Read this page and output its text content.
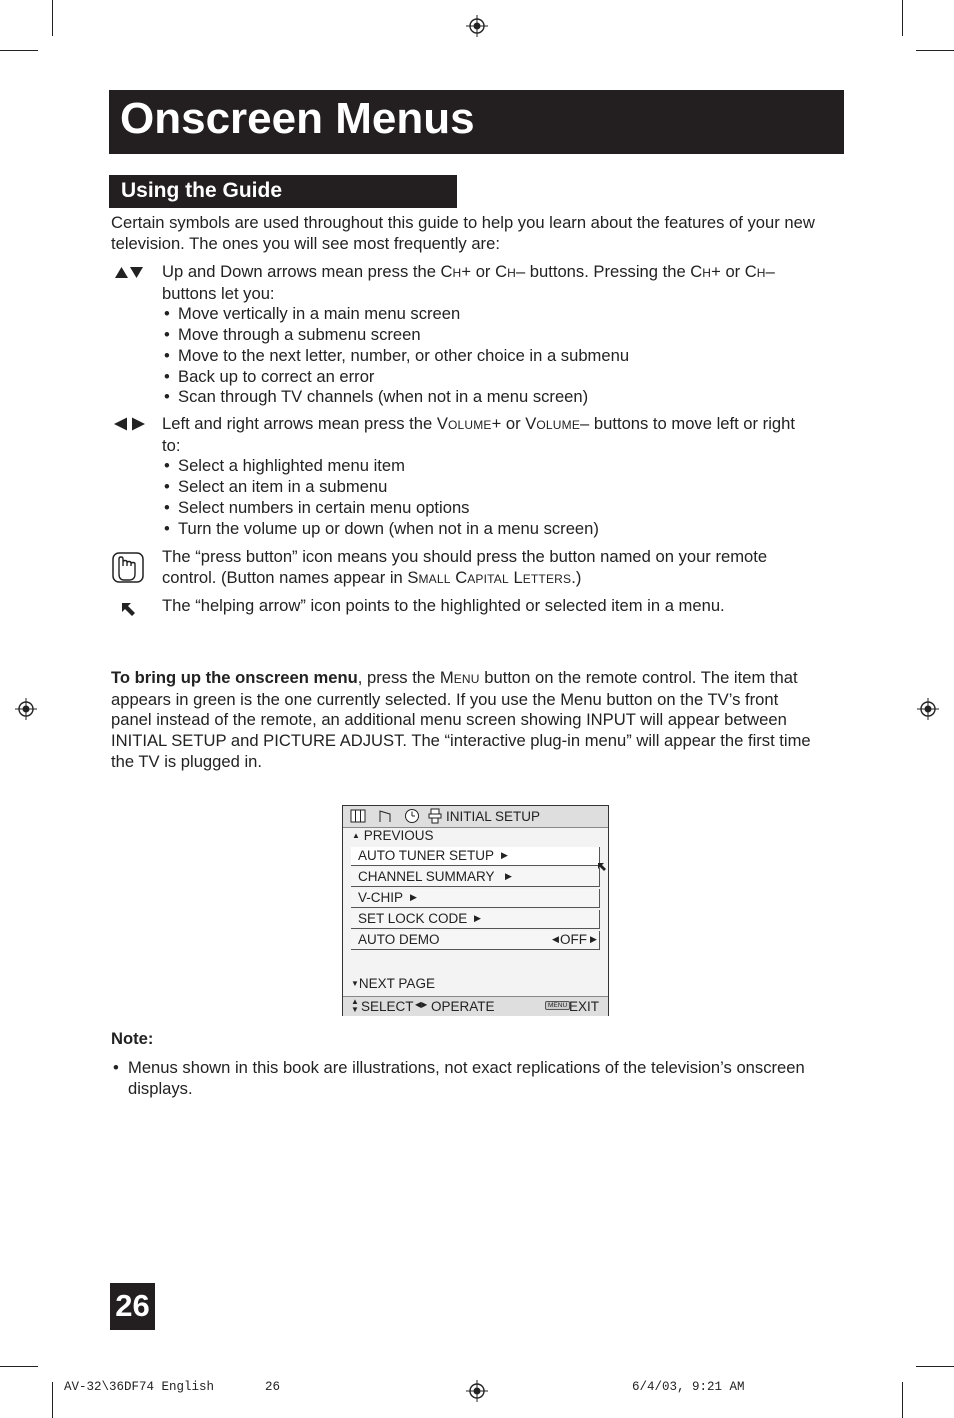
Onscreen Menus
Using the Guide
Certain symbols are used throughout this guide to help you learn about the features of your new television. The ones you will see most frequently are:
Up and Down arrows mean press the CH+ or CH– buttons. Pressing the CH+ or CH–
buttons let you:
• Move vertically in a main menu screen
• Move through a submenu screen
• Move to the next letter, number, or other choice in a submenu
• Back up to correct an error
• Scan through TV channels (when not in a menu screen)
Left and right arrows mean press the VOLUME+ or VOLUME– buttons to move left or right
to:
• Select a highlighted menu item
• Select an item in a submenu
• Select numbers in certain menu options
• Turn the volume up or down (when not in a menu screen)
The “press button” icon means you should press the button named on your remote
control. (Button names appear in SMALL CAPITAL LETTERS.)
The “helping arrow” icon points to the highlighted or selected item in a menu.
To bring up the onscreen menu, press the MENU button on the remote control. The item that
appears in green is the one currently selected. If you use the Menu button on the TV’s front
panel instead of the remote, an additional menu screen showing INPUT will appear between
INITIAL SETUP and PICTURE ADJUST. The “interactive plug-in menu” will appear the first time
the TV is plugged in.
INITIAL SETUP
▲ PREVIOUS
AUTO TUNER SETUP ▶
CHANNEL SUMMARY ▶
V-CHIP ▶
SET LOCK CODE ▶
AUTO DEMO	◀ OFF ▶
▼NEXT PAGE
▲
▼ SELECT ◀▶ OPERATE	MENU EXIT
Note:
• Menus shown in this book are illustrations, not exact replications of the television’s onscreen
displays.
26
AV-32\36DF74 English	26	6/4/03, 9:21 AM
